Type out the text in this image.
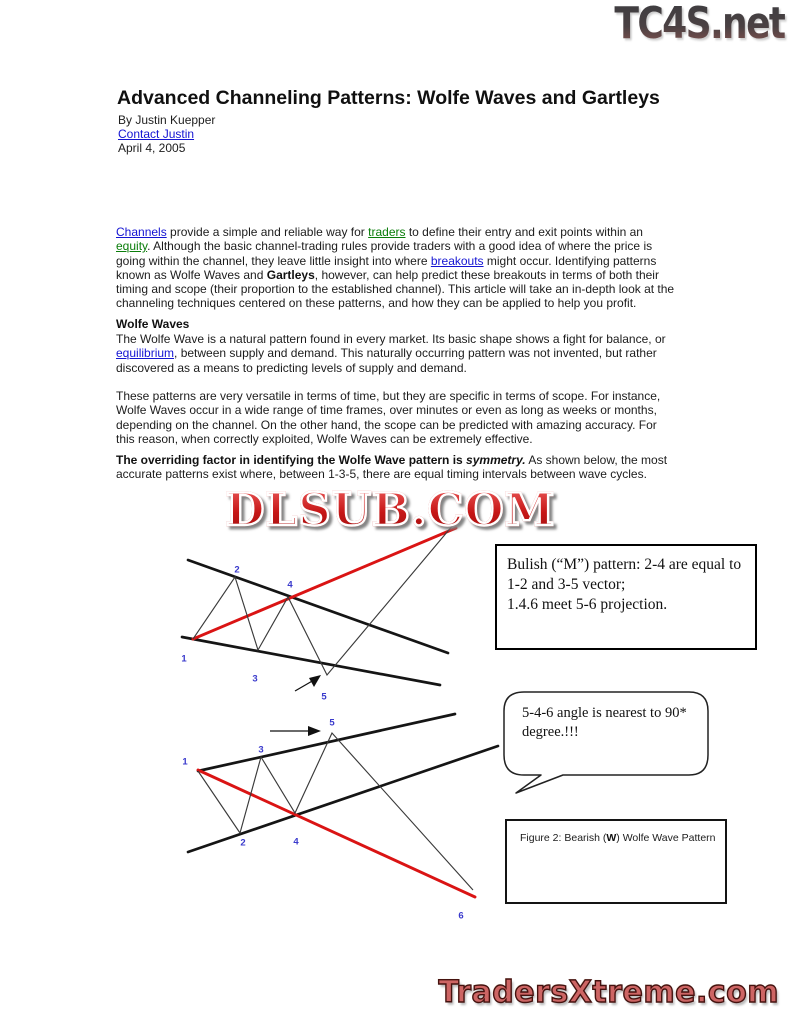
TC4S.net
Advanced Channeling Patterns: Wolfe Waves and Gartleys
By Justin Kuepper
Contact Justin
April 4, 2005

Channels provide a simple and reliable way for traders to define their entry and exit points within an equity. Although the basic channel-trading rules provide traders with a good idea of where the price is going within the channel, they leave little insight into where breakouts might occur. Identifying patterns known as Wolfe Waves and Gartleys, however, can help predict these breakouts in terms of both their timing and scope (their proportion to the established channel). This article will take an in-depth look at the channeling techniques centered on these patterns, and how they can be applied to help you profit.

Wolfe Waves

The Wolfe Wave is a natural pattern found in every market. Its basic shape shows a fight for balance, or equilibrium, between supply and demand. This naturally occurring pattern was not invented, but rather discovered as a means to predicting levels of supply and demand.

These patterns are very versatile in terms of time, but they are specific in terms of scope. For instance, Wolfe Waves occur in a wide range of time frames, over minutes or even as long as weeks or months, depending on the channel. On the other hand, the scope can be predicted with amazing accuracy. For this reason, when correctly exploited, Wolfe Waves can be extremely effective.

The overriding factor in identifying the Wolfe Wave pattern is symmetry. As shown below, the most accurate patterns exist where, between 1-3-5, there are equal timing intervals between wave cycles.

DLSUB.COM
1
2
3
4
5
Bulish (“M”) pattern: 2-4 are equal to
1-2 and 3-5 vector;
1.4.6 meet 5-6 projection.
5-4-6 angle is nearest to 90*
degree.!!!
1
2
3
4
5
6
Figure 2: Bearish (W) Wolfe Wave Pattern
TradersXtreme.com
